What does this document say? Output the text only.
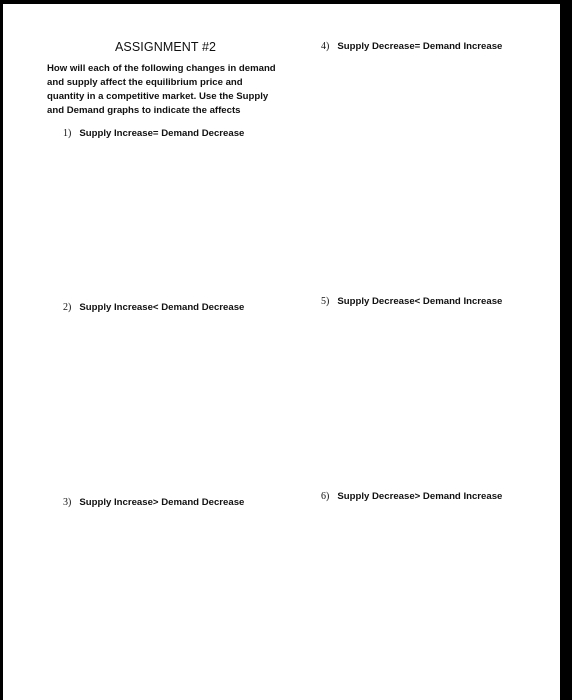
ASSIGNMENT #2
How will each of the following changes in demand and supply affect the equilibrium price and quantity in a competitive market. Use the Supply and Demand graphs to indicate the affects
1) Supply Increase= Demand Decrease
2) Supply Increase< Demand Decrease
3) Supply Increase> Demand Decrease
4) Supply Decrease= Demand Increase
5) Supply Decrease< Demand Increase
6) Supply Decrease> Demand Increase
